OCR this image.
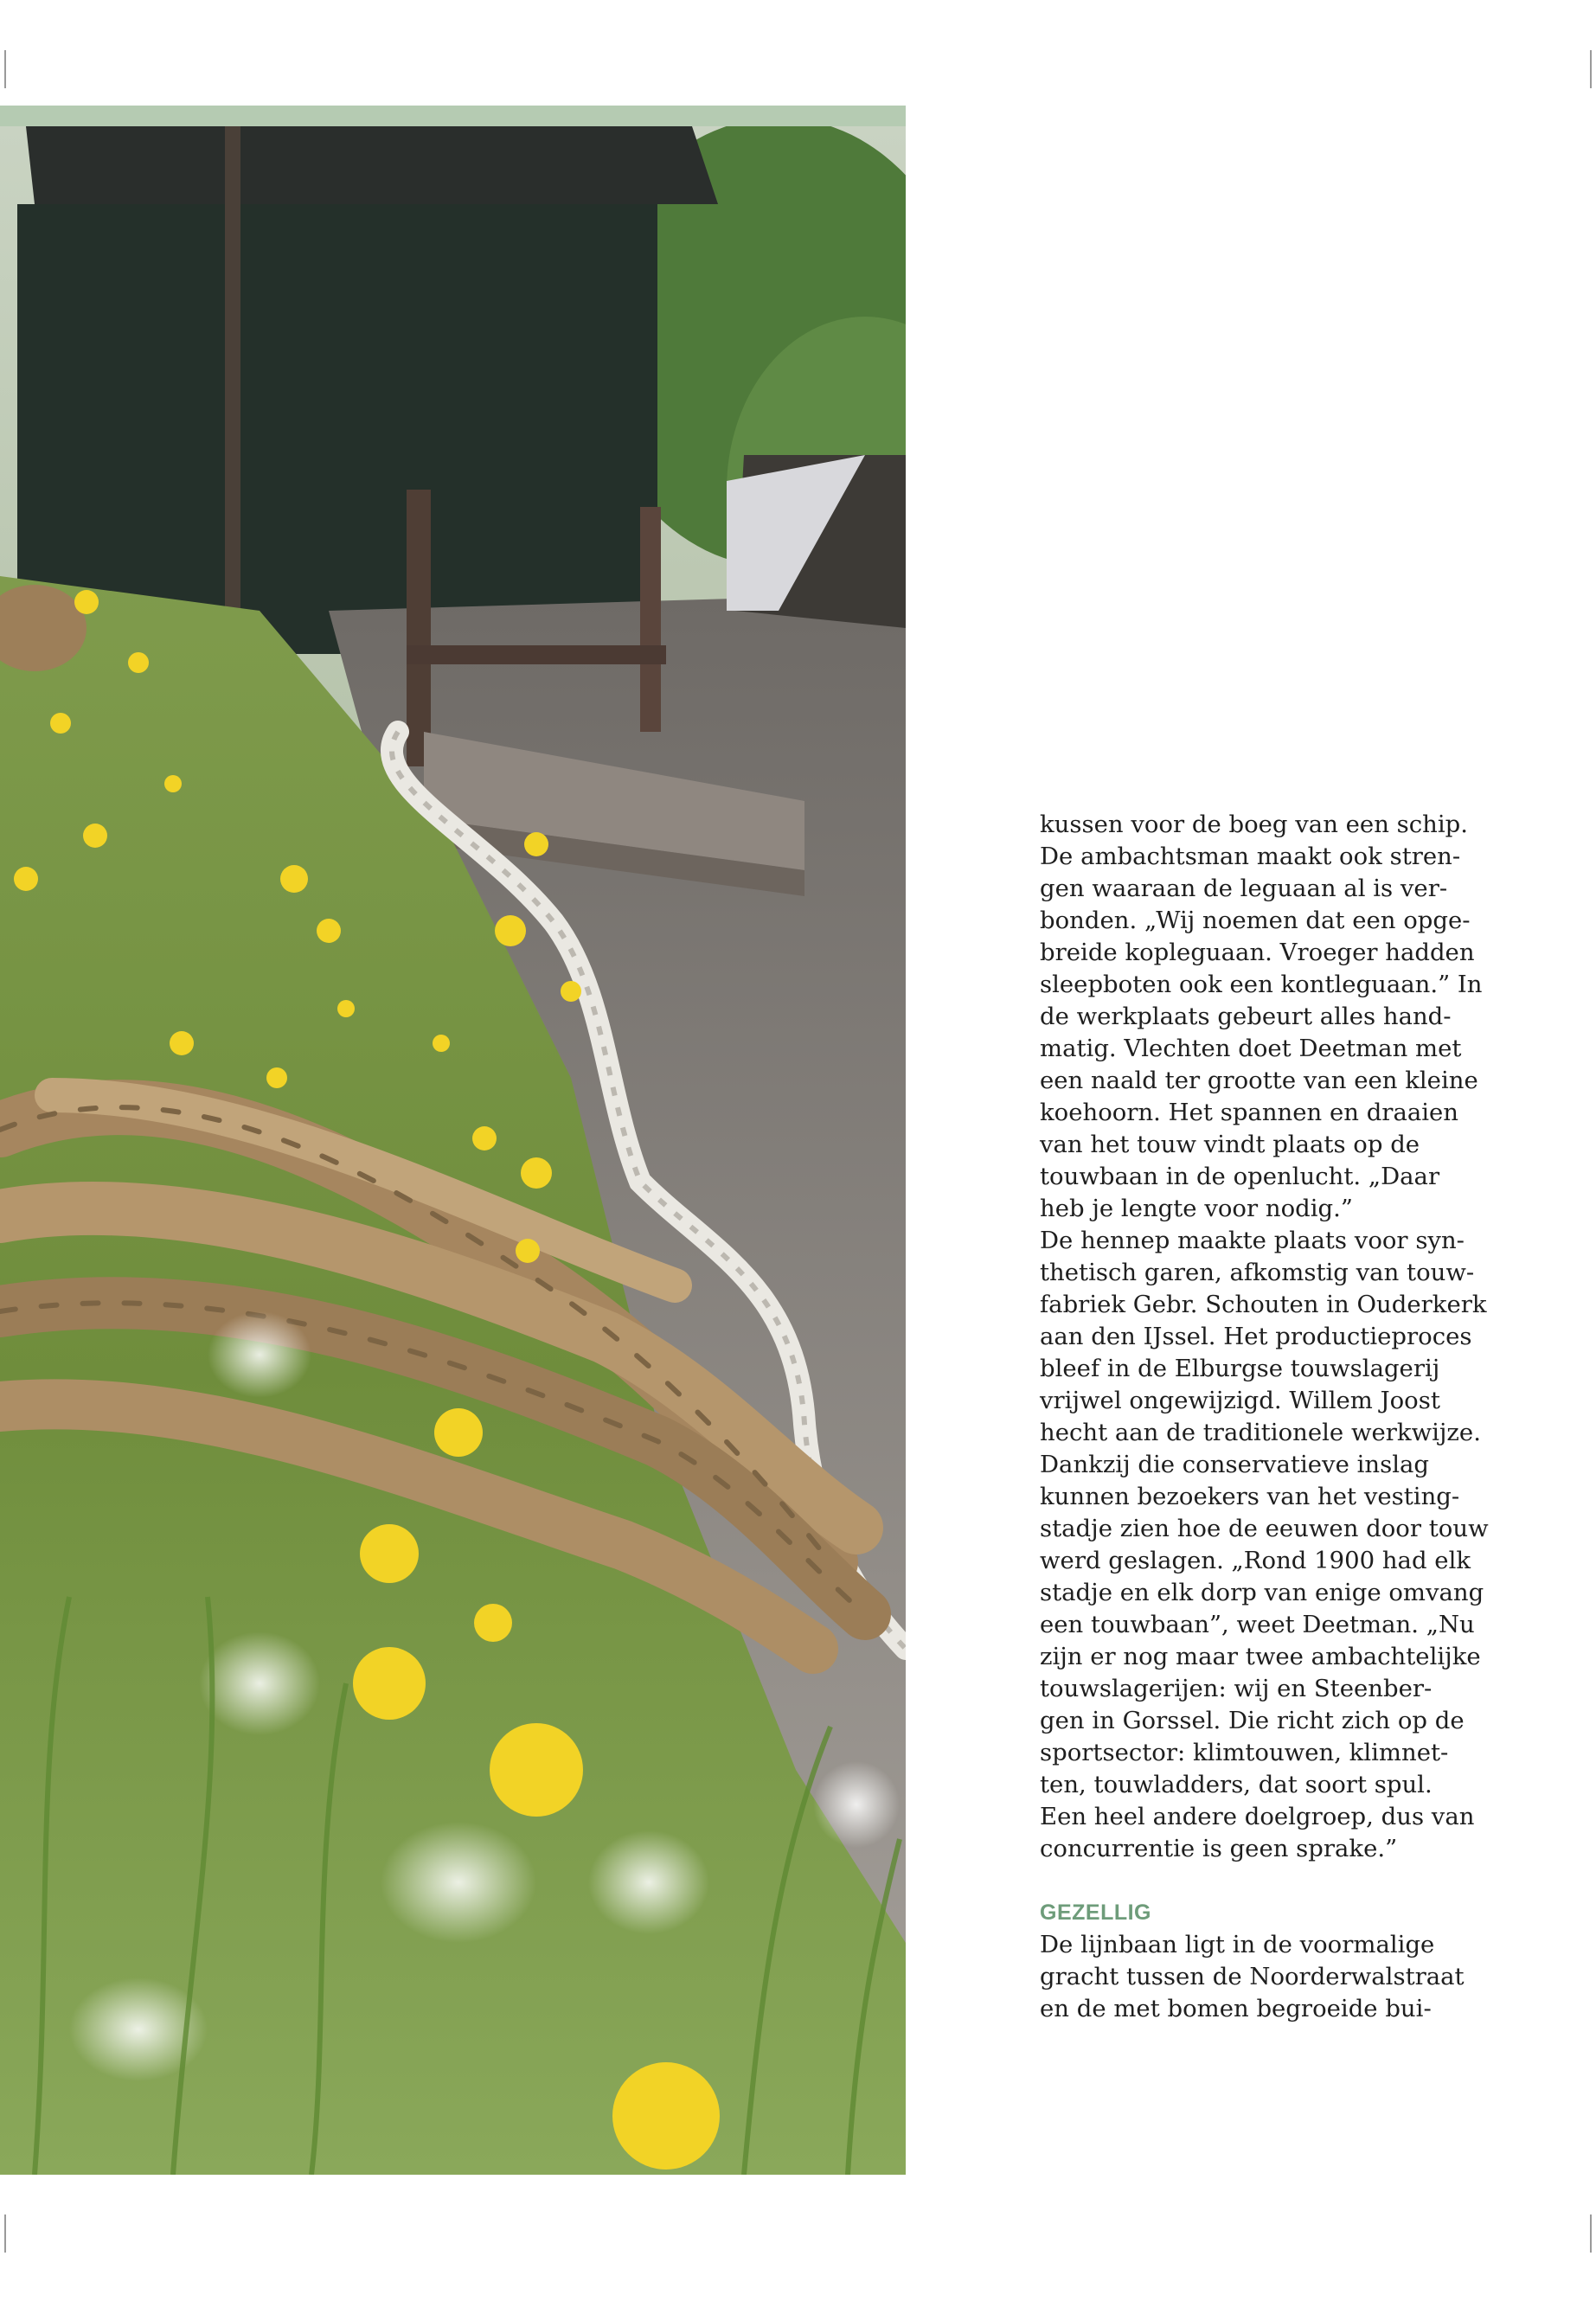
kussen voor de boeg van een schip.
De ambachtsman maakt ook stren-
gen waaraan de leguaan al is ver-
bonden. „Wij noemen dat een opge-
breide kopleguaan. Vroeger hadden
sleepboten ook een kontleguaan.” In
de werkplaats gebeurt alles hand-
matig. Vlechten doet Deetman met
een naald ter grootte van een kleine
koehoorn. Het spannen en draaien
van het touw vindt plaats op de
touwbaan in de openlucht. „Daar
heb je lengte voor nodig.”

De hennep maakte plaats voor syn-
thetisch garen, afkomstig van touw-
fabriek Gebr. Schouten in Ouderkerk
aan den IJssel. Het productieproces
bleef in de Elburgse touwslagerij
vrijwel ongewijzigd. Willem Joost
hecht aan de traditionele werkwijze.
Dankzij die conservatieve inslag
kunnen bezoekers van het vesting-
stadje zien hoe de eeuwen door touw
werd geslagen. „Rond 1900 had elk
stadje en elk dorp van enige omvang
een touwbaan”, weet Deetman. „Nu
zijn er nog maar twee ambachtelijke
touwslagerijen: wij en Steenber-
gen in Gorssel. Die richt zich op de
sportsector: klimtouwen, klimnet-
ten, touwladders, dat soort spul.
Een heel andere doelgroep, dus van
concurrentie is geen sprake.”

GEZELLIG

De lijnbaan ligt in de voormalige
gracht tussen de Noorderwalstraat
en de met bomen begroeide bui-
